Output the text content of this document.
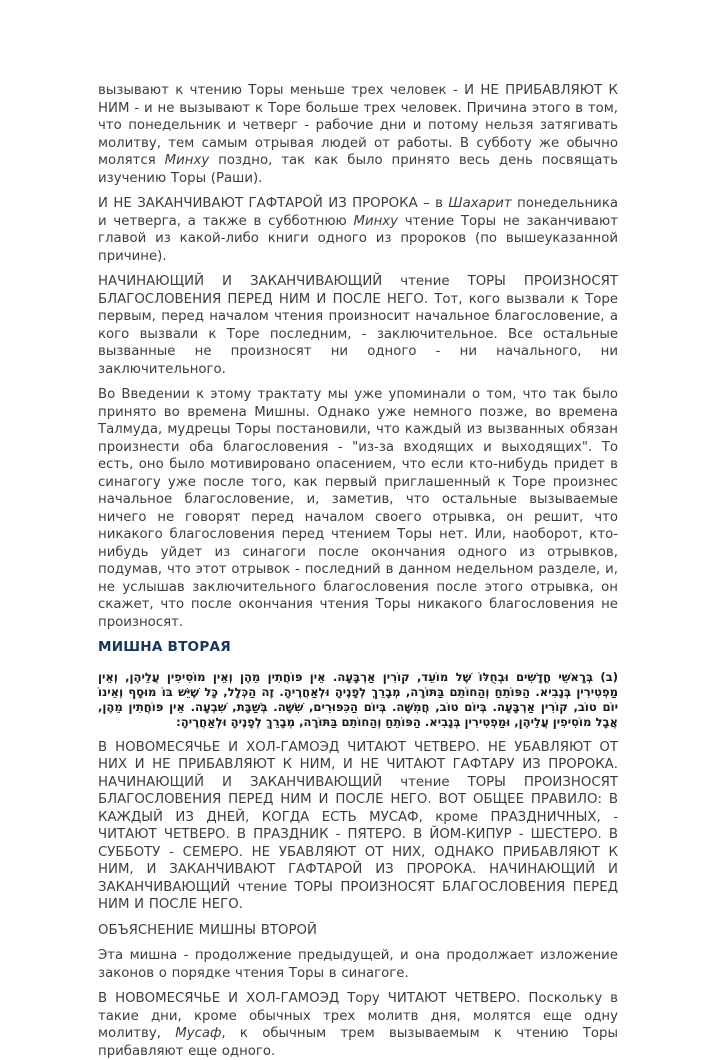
вызывают к чтению Торы меньше трех человек - И НЕ ПРИБАВЛЯЮТ К НИМ - и не вызывают к Торе больше трех человек. Причина этого в том, что понедельник и четверг - рабочие дни и потому нельзя затягивать молитву, тем самым отрывая людей от работы. В субботу же обычно молятся Минху поздно, так как было принято весь день посвящать изучению Торы (Раши).

И НЕ ЗАКАНЧИВАЮТ ГАФТАРОЙ ИЗ ПРОРОКА – в Шахарит понедельника и четверга, а также в субботнюю Минху чтение Торы не заканчивают главой из какой-либо книги одного из пророков (по вышеуказанной причине).

НАЧИНАЮЩИЙ И ЗАКАНЧИВАЮЩИЙ чтение ТОРЫ ПРОИЗНОСЯТ БЛАГОСЛОВЕНИЯ ПЕРЕД НИМ И ПОСЛЕ НЕГО. Тот, кого вызвали к Торе первым, перед началом чтения произносит начальное благословение, а кого вызвали к Торе последним, - заключительное. Все остальные вызванные не произносят ни одного - ни начального, ни заключительного.

Во Введении к этому трактату мы уже упоминали о том, что так было принято во времена Мишны. Однако уже немного позже, во времена Талмуда, мудрецы Торы постановили, что каждый из вызванных обязан произнести оба благословения - "из-за входящих и выходящих". То есть, оно было мотивировано опасением, что если кто-нибудь придет в синагогу уже после того, как первый приглашенный к Торе произнес начальное благословение, и, заметив, что остальные вызываемые ничего не говорят перед началом своего отрывка, он решит, что никакого благословения перед чтением Торы нет. Или, наоборот, кто-нибудь уйдет из синагоги после окончания одного из отрывков, подумав, что этот отрывок - последний в данном недельном разделе, и, не услышав заключительного благословения после этого отрывка, он скажет, что после окончания чтения Торы никакого благословения не произносят.

МИШНА ВТОРАЯ

(ב) בְּרָאשֵׁי חֳדָשִׁים וּבְחֻלּוֹ שֶׁל מוֹעֵד, קוֹרִין אַרְבָּעָה. אֵין פּוֹחֲתִין מֵהֶן וְאֵין מוֹסִיפִין עֲלֵיהֶן, וְאֵין מַפְטִירִין בְּנָבִיא. הַפּוֹתֵחַ וְהַחוֹתֵם בַּתּוֹרָה, מְבָרֵךְ לְפָנֶיהָ וּלְאַחֲרֶיהָ. זֶה הַכְּלָל, כָּל שֶׁיֵּשׁ בּוֹ מוּסָף וְאֵינוֹ יוֹם טוֹב, קוֹרִין אַרְבָּעָה. בְּיוֹם טוֹב, חֲמִשָּׁה. בְּיוֹם הַכִּפּוּרִים, שִׁשָּׁה. בְּשַׁבָּת, שִׁבְעָה. אֵין פּוֹחֲתִין מֵהֶן, אֲבָל מוֹסִיפִין עֲלֵיהֶן, וּמַפְטִירִין בְּנָבִיא. הַפּוֹתֵחַ וְהַחוֹתֵם בַּתּוֹרָה, מְבָרֵךְ לְפָנֶיהָ וּלְאַחֲרֶיהָ:

В НОВОМЕСЯЧЬЕ И ХОЛ-ГАМОЭД ЧИТАЮТ ЧЕТВЕРО. НЕ УБАВЛЯЮТ ОТ НИХ И НЕ ПРИБАВЛЯЮТ К НИМ, И НЕ ЧИТАЮТ ГАФТАРУ ИЗ ПРОРОКА. НАЧИНАЮЩИЙ И ЗАКАНЧИВАЮЩИЙ чтение ТОРЫ ПРОИЗНОСЯТ БЛАГОСЛОВЕНИЯ ПЕРЕД НИМ И ПОСЛЕ НЕГО. ВОТ ОБЩЕЕ ПРАВИЛО: В КАЖДЫЙ ИЗ ДНЕЙ, КОГДА ЕСТЬ МУСАФ, кроме ПРАЗДНИЧНЫХ, - ЧИТАЮТ ЧЕТВЕРО. В ПРАЗДНИК - ПЯТЕРО. В ЙОМ-КИПУР - ШЕСТЕРО. В СУББОТУ - СЕМЕРО. НЕ УБАВЛЯЮТ ОТ НИХ, ОДНАКО ПРИБАВЛЯЮТ К НИМ, И ЗАКАНЧИВАЮТ ГАФТАРОЙ ИЗ ПРОРОКА. НАЧИНАЮЩИЙ И ЗАКАНЧИВАЮЩИЙ чтение ТОРЫ ПРОИЗНОСЯТ БЛАГОСЛОВЕНИЯ ПЕРЕД НИМ И ПОСЛЕ НЕГО.

ОБЪЯСНЕНИЕ МИШНЫ ВТОРОЙ

Эта мишна - продолжение предыдущей, и она продолжает изложение законов о порядке чтения Торы в синагоге.

В НОВОМЕСЯЧЬЕ И ХОЛ-ГАМОЭД Тору ЧИТАЮТ ЧЕТВЕРО. Поскольку в такие дни, кроме обычных трех молитв дня, молятся еще одну молитву, Мусаф, к обычным трем вызываемым к чтению Торы прибавляют еще одного.
